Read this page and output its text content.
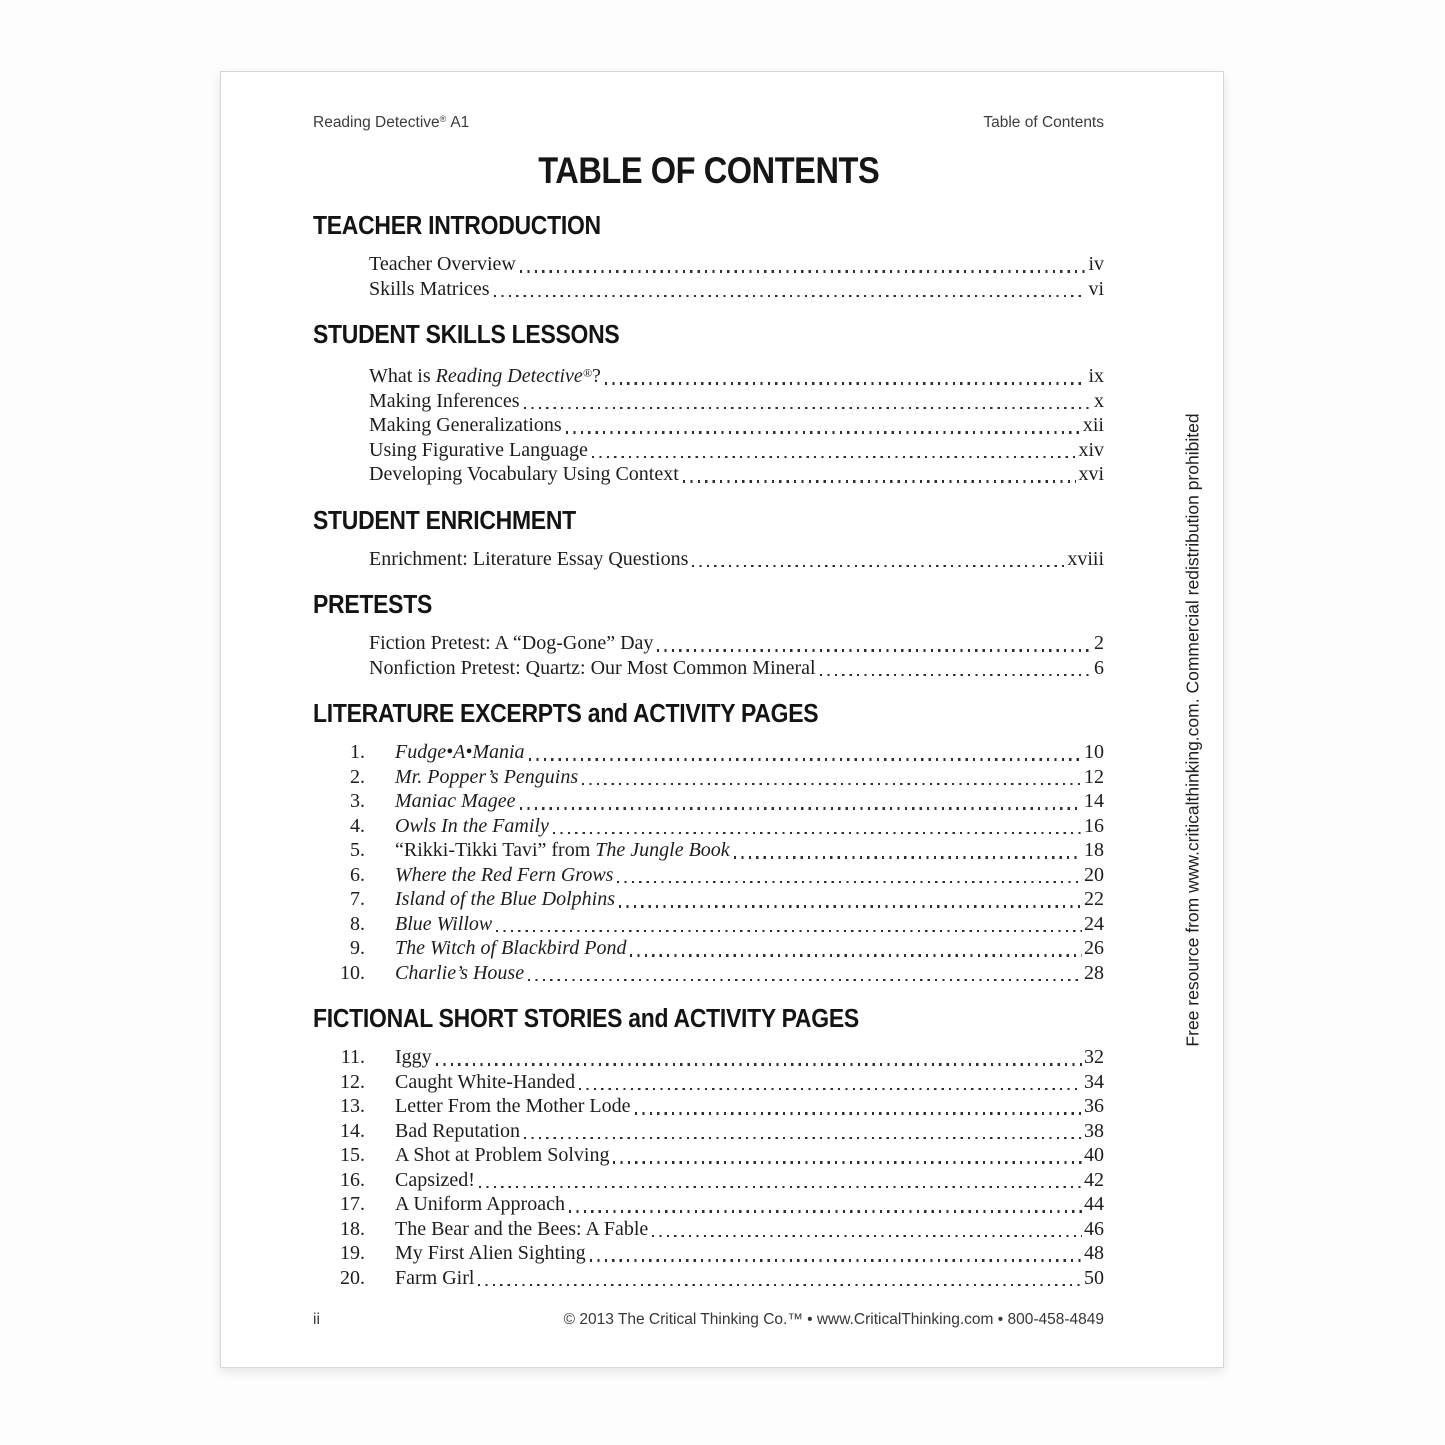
Reading Detective® A1	Table of Contents
TABLE OF CONTENTS
TEACHER INTRODUCTION
Teacher Overview	iv
Skills Matrices	vi
STUDENT SKILLS LESSONS
What is Reading Detective®?	ix
Making Inferences	x
Making Generalizations	xii
Using Figurative Language	xiv
Developing Vocabulary Using Context	xvi
STUDENT ENRICHMENT
Enrichment: Literature Essay Questions	xviii
PRETESTS
Fiction Pretest: A “Dog-Gone” Day	2
Nonfiction Pretest: Quartz: Our Most Common Mineral	6
LITERATURE EXCERPTS and ACTIVITY PAGES
1. Fudge•A•Mania	10
2. Mr. Popper’s Penguins	12
3. Maniac Magee	14
4. Owls In the Family	16
5. “Rikki-Tikki Tavi” from The Jungle Book	18
6. Where the Red Fern Grows	20
7. Island of the Blue Dolphins	22
8. Blue Willow	24
9. The Witch of Blackbird Pond	26
10. Charlie’s House	28
FICTIONAL SHORT STORIES and ACTIVITY PAGES
11. Iggy	32
12. Caught White-Handed	34
13. Letter From the Mother Lode	36
14. Bad Reputation	38
15. A Shot at Problem Solving	40
16. Capsized!	42
17. A Uniform Approach	44
18. The Bear and the Bees: A Fable	46
19. My First Alien Sighting	48
20. Farm Girl	50
ii	© 2013 The Critical Thinking Co.™ • www.CriticalThinking.com • 800-458-4849
Free resource from www.criticalthinking.com. Commercial redistribution prohibited
